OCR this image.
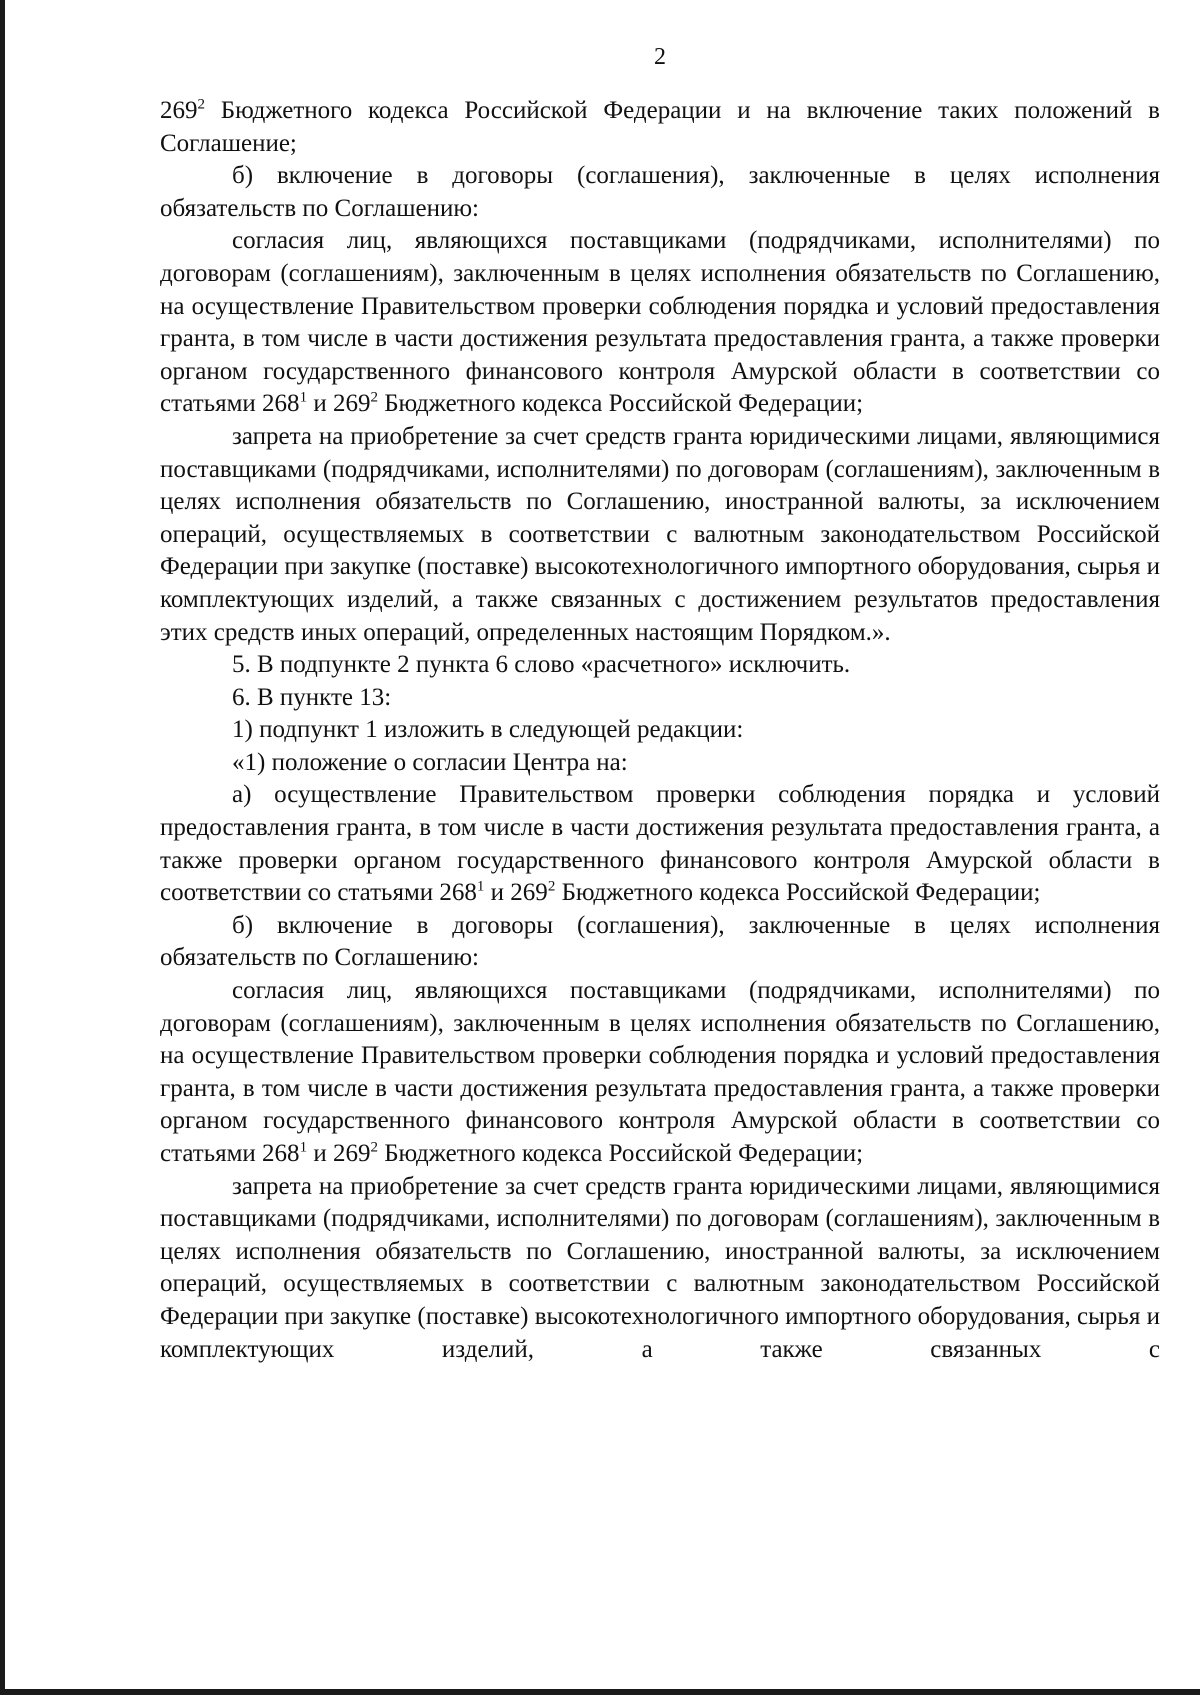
2

$269^2$ Бюджетного кодекса Российской Федерации и на включение таких положений в Соглашение;

б) включение в договоры (соглашения), заключенные в целях исполнения обязательств по Соглашению:

согласия лиц, являющихся поставщиками (подрядчиками, исполнителями) по договорам (соглашениям), заключенным в целях исполнения обязательств по Соглашению, на осуществление Правительством проверки соблюдения порядка и условий предоставления гранта, в том числе в части достижения результата предоставления гранта, а также проверки органом государственного финансового контроля Амурской области в соответствии со статьями $268^1$ и $269^2$ Бюджетного кодекса Российской Федерации;

запрета на приобретение за счет средств гранта юридическими лицами, являющимися поставщиками (подрядчиками, исполнителями) по договорам (соглашениям), заключенным в целях исполнения обязательств по Соглашению, иностранной валюты, за исключением операций, осуществляемых в соответствии с валютным законодательством Российской Федерации при закупке (поставке) высокотехнологичного импортного оборудования, сырья и комплектующих изделий, а также связанных с достижением результатов предоставления этих средств иных операций, определенных настоящим Порядком.».

5. В подпункте 2 пункта 6 слово «расчетного» исключить.

6. В пункте 13:

1) подпункт 1 изложить в следующей редакции:

«1) положение о согласии Центра на:

а) осуществление Правительством проверки соблюдения порядка и условий предоставления гранта, в том числе в части достижения результата предоставления гранта, а также проверки органом государственного финансового контроля Амурской области в соответствии со статьями $268^1$ и $269^2$ Бюджетного кодекса Российской Федерации;

б) включение в договоры (соглашения), заключенные в целях исполнения обязательств по Соглашению:

согласия лиц, являющихся поставщиками (подрядчиками, исполнителями) по договорам (соглашениям), заключенным в целях исполнения обязательств по Соглашению, на осуществление Правительством проверки соблюдения порядка и условий предоставления гранта, в том числе в части достижения результата предоставления гранта, а также проверки органом государственного финансового контроля Амурской области в соответствии со статьями $268^1$ и $269^2$ Бюджетного кодекса Российской Федерации;

запрета на приобретение за счет средств гранта юридическими лицами, являющимися поставщиками (подрядчиками, исполнителями) по договорам (соглашениям), заключенным в целях исполнения обязательств по Соглашению, иностранной валюты, за исключением операций, осуществляемых в соответствии с валютным законодательством Российской Федерации при закупке (поставке) высокотехнологичного импортного оборудования, сырья и комплектующих изделий, а также связанных с
